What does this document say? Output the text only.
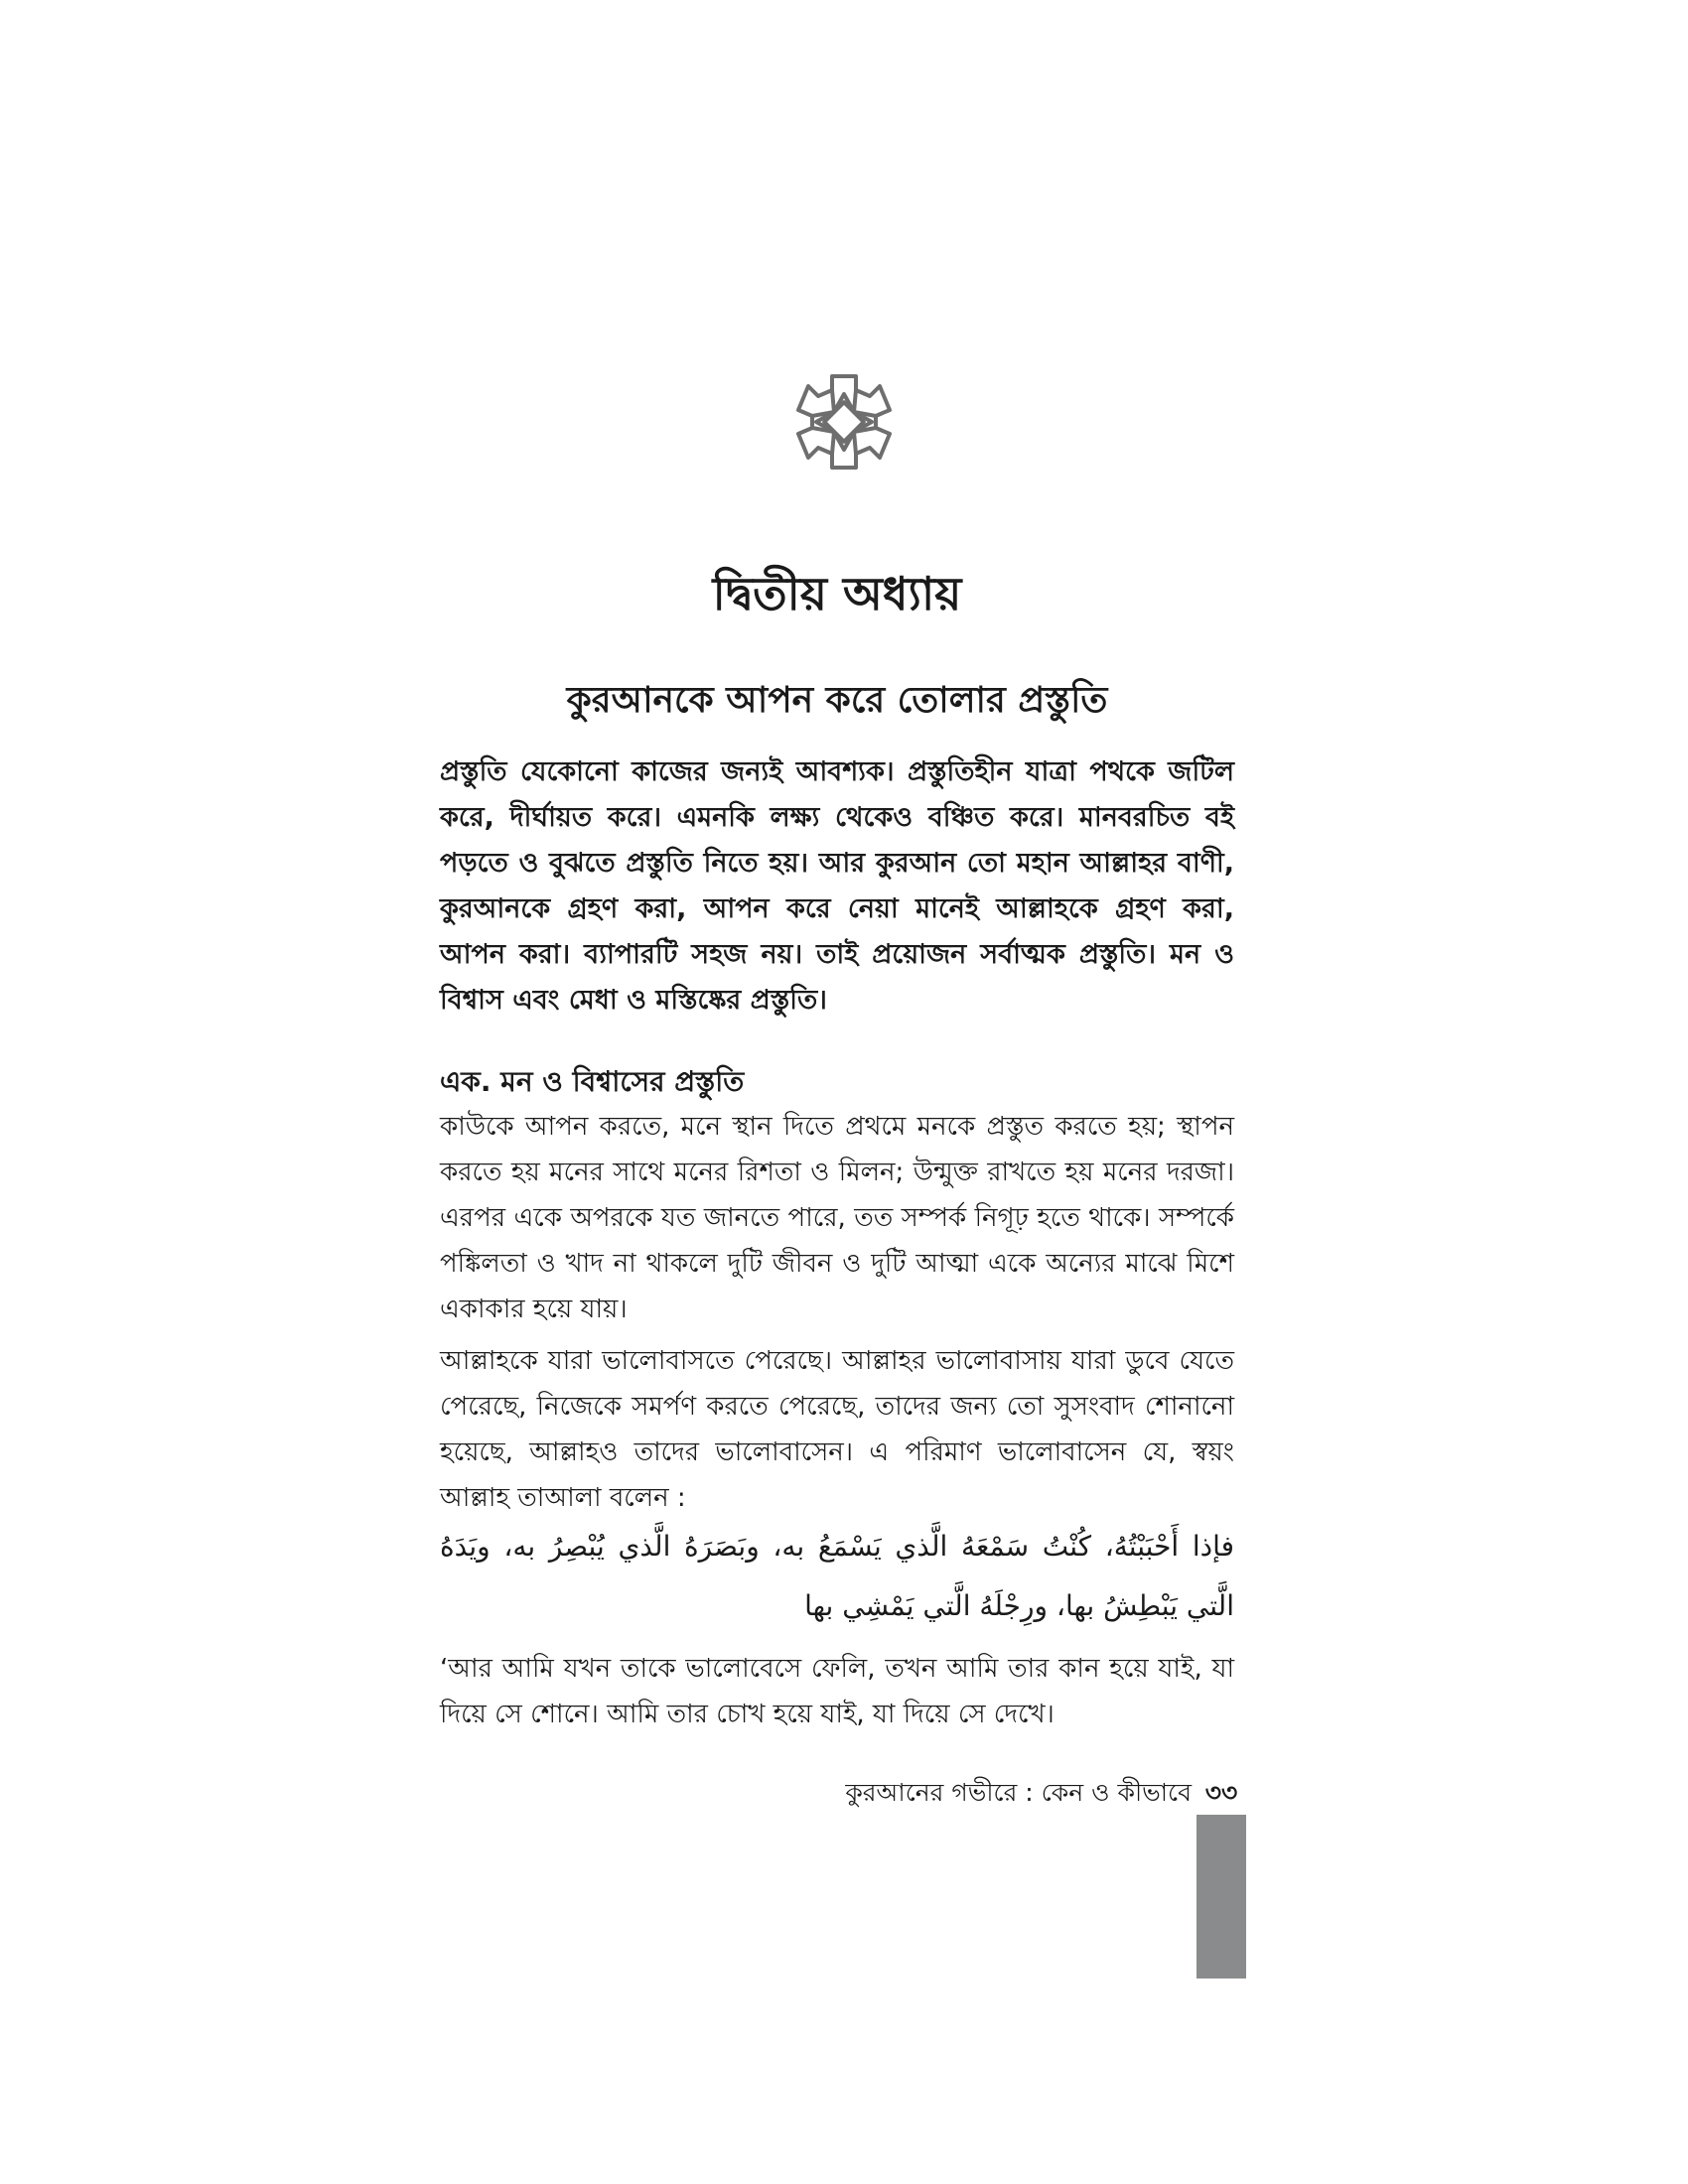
দ্বিতীয় অধ্যায়
কুরআনকে আপন করে তোলার প্রস্তুতি

প্রস্তুতি যেকোনো কাজের জন্যই আবশ্যক। প্রস্তুতিহীন যাত্রা পথকে জটিল করে, দীর্ঘায়ত করে। এমনকি লক্ষ্য থেকেও বঞ্চিত করে। মানবরচিত বই পড়তে ও বুঝতে প্রস্তুতি নিতে হয়। আর কুরআন তো মহান আল্লাহর বাণী, কুরআনকে গ্রহণ করা, আপন করে নেয়া মানেই আল্লাহকে গ্রহণ করা, আপন করা। ব্যাপারটি সহজ নয়। তাই প্রয়োজন সর্বাত্মক প্রস্তুতি। মন ও বিশ্বাস এবং মেধা ও মস্তিষ্কের প্রস্তুতি।

এক. মন ও বিশ্বাসের প্রস্তুতি

কাউকে আপন করতে, মনে স্থান দিতে প্রথমে মনকে প্রস্তুত করতে হয়; স্থাপন করতে হয় মনের সাথে মনের রিশতা ও মিলন; উন্মুক্ত রাখতে হয় মনের দরজা। এরপর একে অপরকে যত জানতে পারে, তত সম্পর্ক নিগূঢ় হতে থাকে। সম্পর্কে পঙ্কিলতা ও খাদ না থাকলে দুটি জীবন ও দুটি আত্মা একে অন্যের মাঝে মিশে একাকার হয়ে যায়।

আল্লাহকে যারা ভালোবাসতে পেরেছে। আল্লাহর ভালোবাসায় যারা ডুবে যেতে পেরেছে, নিজেকে সমর্পণ করতে পেরেছে, তাদের জন্য তো সুসংবাদ শোনানো হয়েছে, আল্লাহও তাদের ভালোবাসেন। এ পরিমাণ ভালোবাসেন যে, স্বয়ং আল্লাহ তাআলা বলেন :

فإذا أَحْبَبْتُهُ، كُنْتُ سَمْعَهُ الَّذي يَسْمَعُ به، وبَصَرَهُ الَّذي يُبْصِرُ به، ويَدَهُ الَّتي يَبْطِشُ بها، ورِجْلَهُ الَّتي يَمْشِي بها

‘আর আমি যখন তাকে ভালোবেসে ফেলি, তখন আমি তার কান হয়ে যাই, যা দিয়ে সে শোনে। আমি তার চোখ হয়ে যাই, যা দিয়ে সে দেখে।

কুরআনের গভীরে : কেন ও কীভাবে ৩৩
